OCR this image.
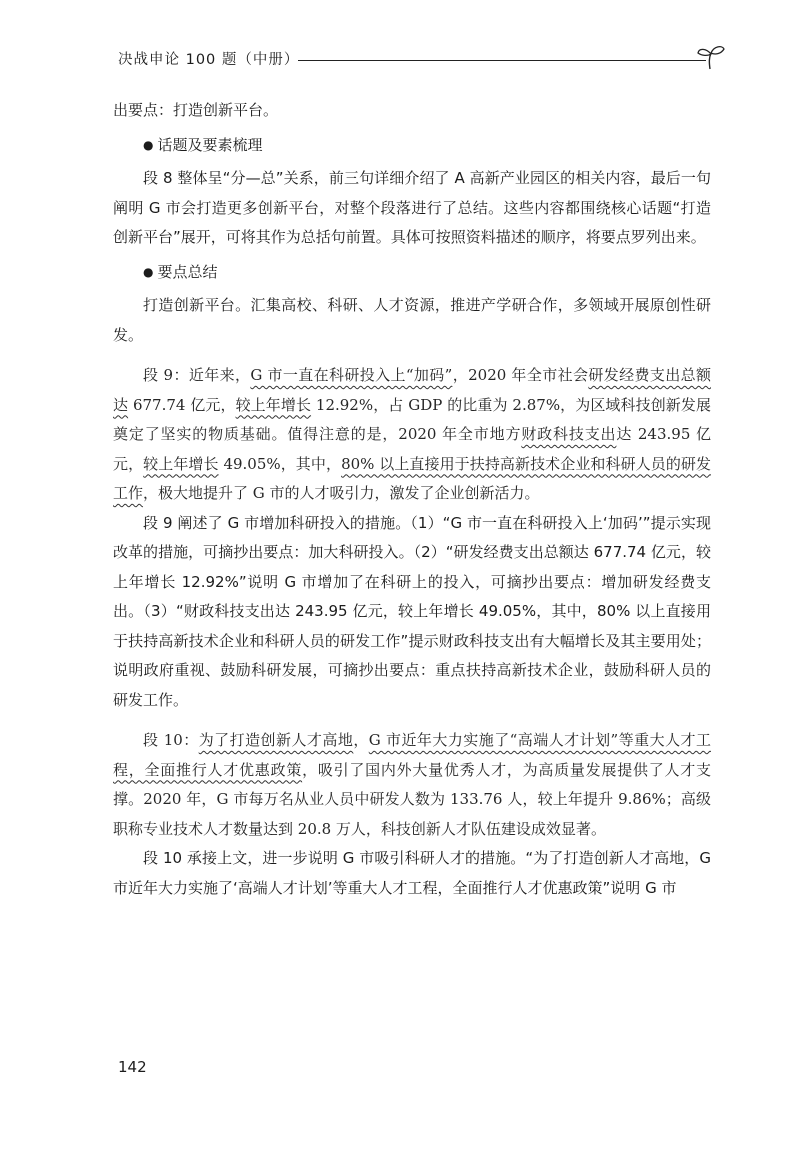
决战申论 100 题（中册）

出要点：打造创新平台。

● 话题及要素梳理

段 8 整体呈“分—总”关系，前三句详细介绍了 A 高新产业园区的相关内容，最后一句阐明 G 市会打造更多创新平台，对整个段落进行了总结。这些内容都围绕核心话题“打造创新平台”展开，可将其作为总括句前置。具体可按照资料描述的顺序，将要点罗列出来。

● 要点总结

打造创新平台。汇集高校、科研、人才资源，推进产学研合作，多领域开展原创性研发。

段 9：近年来，G 市一直在科研投入上“加码”，2020 年全市社会研发经费支出总额达 677.74 亿元，较上年增长 12.92%，占 GDP 的比重为 2.87%，为区域科技创新发展奠定了坚实的物质基础。值得注意的是，2020 年全市地方财政科技支出达 243.95 亿元，较上年增长 49.05%，其中，80% 以上直接用于扶持高新技术企业和科研人员的研发工作，极大地提升了 G 市的人才吸引力，激发了企业创新活力。

段 9 阐述了 G 市增加科研投入的措施。（1）“G 市一直在科研投入上‘加码’”提示实现改革的措施，可摘抄出要点：加大科研投入。（2）“研发经费支出总额达 677.74 亿元，较上年增长 12.92%”说明 G 市增加了在科研上的投入，可摘抄出要点：增加研发经费支出。（3）“财政科技支出达 243.95 亿元，较上年增长 49.05%，其中，80% 以上直接用于扶持高新技术企业和科研人员的研发工作”提示财政科技支出有大幅增长及其主要用处；说明政府重视、鼓励科研发展，可摘抄出要点：重点扶持高新技术企业，鼓励科研人员的研发工作。

段 10：为了打造创新人才高地，G 市近年大力实施了“高端人才计划”等重大人才工程，全面推行人才优惠政策，吸引了国内外大量优秀人才，为高质量发展提供了人才支撑。2020 年，G 市每万名从业人员中研发人数为 133.76 人，较上年提升 9.86%；高级职称专业技术人才数量达到 20.8 万人，科技创新人才队伍建设成效显著。

段 10 承接上文，进一步说明 G 市吸引科研人才的措施。“为了打造创新人才高地，G 市近年大力实施了‘高端人才计划’等重大人才工程，全面推行人才优惠政策”说明 G 市

142
